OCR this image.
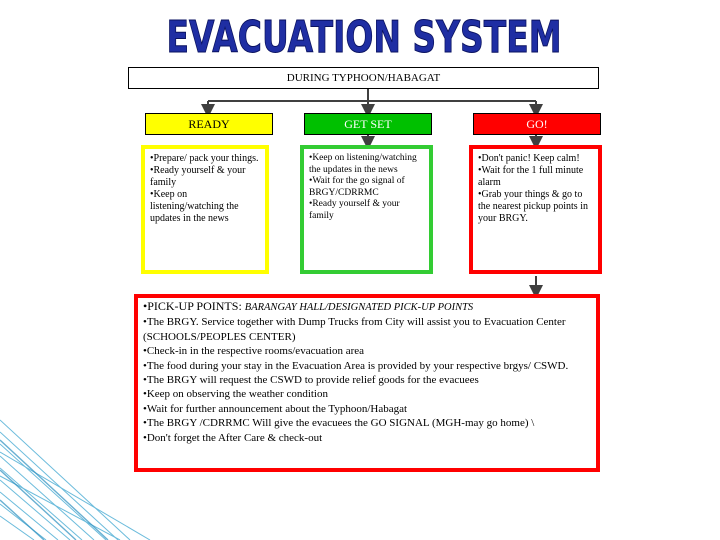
EVACUATION SYSTEM
DURING TYPHOON/HABAGAT
READY	GET SET	GO!
•Prepare/ pack your things.
•Ready yourself & your family
•Keep on listening/watching the updates in the news
•Keep on listening/watching the updates in the news
•Wait for the go signal of BRGY/CDRRMC
•Ready yourself & your family
•Don't panic! Keep calm!
•Wait for the 1 full minute alarm
•Grab your things & go to the nearest pickup points in your BRGY.
•PICK-UP POINTS: BARANGAY HALL/DESIGNATED PICK-UP POINTS
•The BRGY. Service together with Dump Trucks from City will assist you to Evacuation Center (SCHOOLS/PEOPLES CENTER)
•Check-in in the respective rooms/evacuation area
•The food during your stay in the Evacuation Area is provided by your respective brgys/ CSWD.
•The BRGY will request the CSWD to provide relief goods for the evacuees
•Keep on observing the weather condition
•Wait for further announcement about the Typhoon/Habagat
•The BRGY /CDRRMC Will give the evacuees the GO SIGNAL (MGH-may go home) \
•Don't forget the After Care & check-out
